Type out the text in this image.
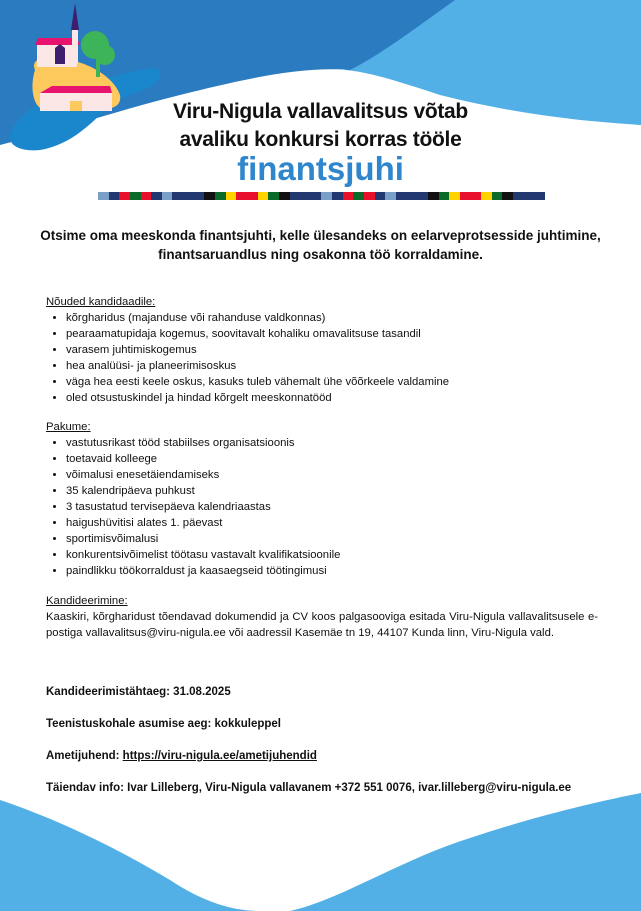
Viru-Nigula vallavalitsus võtab
avaliku konkursi korras tööle
finantsjuhi
Otsime oma meeskonda finantsjuhti, kelle ülesandeks on eelarveprotsesside juhtimine, finantsaruandlus ning osakonna töö korraldamine.
Nõuded kandidaadile:
• kõrgharidus (majanduse või rahanduse valdkonnas)
• pearaamatupidaja kogemus, soovitavalt kohaliku omavalitsuse tasandil
• varasem juhtimiskogemus
• hea analüüsi- ja planeerimisoskus
• väga hea eesti keele oskus, kasuks tuleb vähemalt ühe võõrkeele valdamine
• oled otsustuskindel ja hindad kõrgelt meeskonnatööd
Pakume:
• vastutusrikast tööd stabiilses organisatsioonis
• toetavaid kolleege
• võimalusi enesetäiendamiseks
• 35 kalendripäeva puhkust
• 3 tasustatud tervisepäeva kalendriaastas
• haigushüvitisi alates 1. päevast
• sportimisvõimalusi
• konkurentsivõimelist töötasu vastavalt kvalifikatsioonile
• paindlikku töökorraldust ja kaasaegseid töötingimusi
Kandideerimine:

Kaaskiri, kõrgharidust tõendavad dokumendid ja CV koos palgasooviga esitada Viru-Nigula vallavalitsusele e-postiga vallavalitsus@viru-nigula.ee või aadressil Kasemäe tn 19, 44107 Kunda linn, Viru-Nigula vald.

Kandideerimistähtaeg: 31.08.2025
Teenistuskohale asumise aeg: kokkuleppel
Ametijuhend: https://viru-nigula.ee/ametijuhendid
Täiendav info: Ivar Lilleberg, Viru-Nigula vallavanem +372 551 0076, ivar.lilleberg@viru-nigula.ee
